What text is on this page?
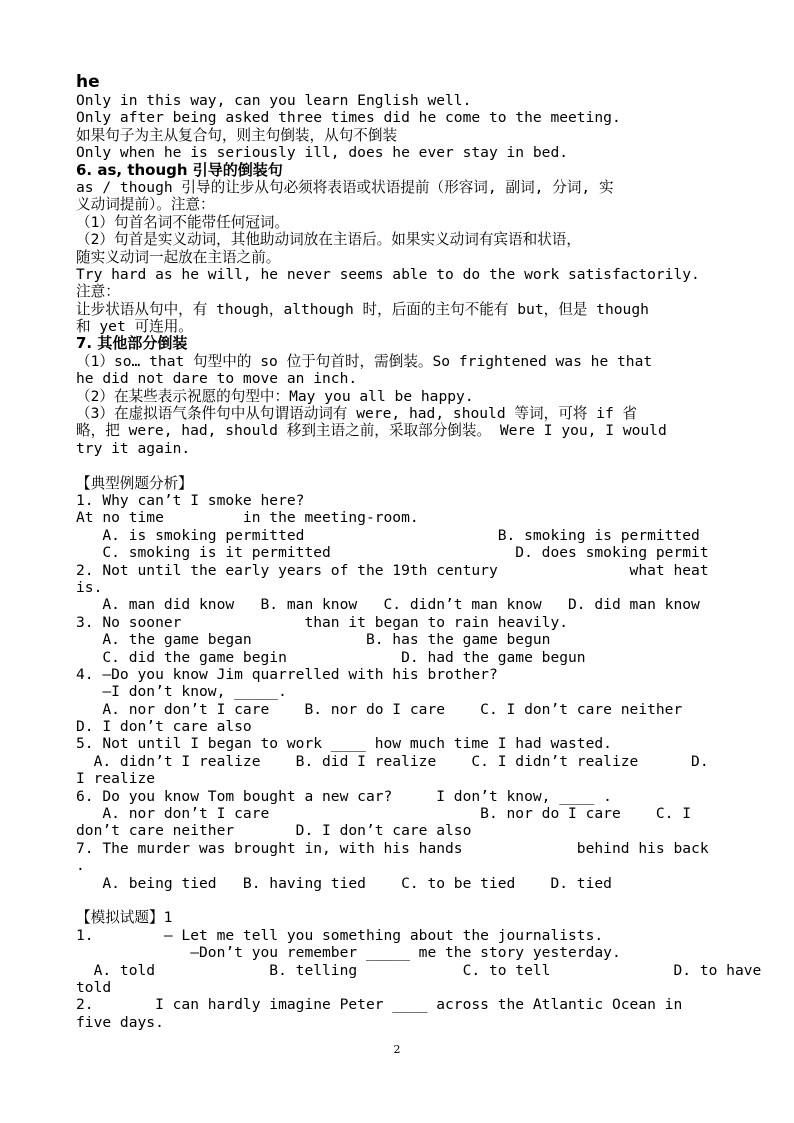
he
Only in this way, can you learn English well.
Only after being asked three times did he come to the meeting.
如果句子为主从复合句，则主句倒装，从句不倒装
Only when he is seriously ill, does he ever stay in bed.
6. as, though 引导的倒装句
as / though 引导的让步从句必须将表语或状语提前（形容词, 副词, 分词, 实
义动词提前）。注意：
（1）句首名词不能带任何冠词。
（2）句首是实义动词，其他助动词放在主语后。如果实义动词有宾语和状语，
随实义动词一起放在主语之前。
Try hard as he will, he never seems able to do the work satisfactorily.
注意：
让步状语从句中，有 though，although 时，后面的主句不能有 but，但是 though
和 yet 可连用。
7. 其他部分倒装
（1）so… that 句型中的 so 位于句首时，需倒装。So frightened was he that
he did not dare to move an inch.
（2）在某些表示祝愿的句型中：May you all be happy.
（3）在虚拟语气条件句中从句谓语动词有 were, had, should 等词，可将 if 省
略，把 were, had, should 移到主语之前，采取部分倒装。 Were I you, I would
try it again.
【典型例题分析】
1. Why can’t I smoke here?
At no time         in the meeting-room.
A. is smoking permitted                      B. smoking is permitted
C. smoking is it permitted                     D. does smoking permit
2. Not until the early years of the 19th century               what heat
is.
A. man did know   B. man know   C. didn’t man know   D. did man know
3. No sooner              than it began to rain heavily.
A. the game began             B. has the game begun
C. did the game begin             D. had the game begun
4. —Do you know Jim quarrelled with his brother?
—I don’t know, _____.
A. nor don’t I care    B. nor do I care    C. I don’t care neither
D. I don’t care also
5. Not until I began to work ____ how much time I had wasted.
A. didn’t I realize    B. did I realize    C. I didn’t realize      D.
I realize
6. Do you know Tom bought a new car?     I don’t know, ____ .
A. nor don’t I care                        B. nor do I care    C. I
don’t care neither       D. I don’t care also
7. The murder was brought in, with his hands             behind his back
.
A. being tied   B. having tied    C. to be tied    D. tied
【模拟试题】1
1.        — Let me tell you something about the journalists.
—Don’t you remember _____ me the story yesterday.
A. told             B. telling            C. to tell              D. to have
told
2.       I can hardly imagine Peter ____ across the Atlantic Ocean in
five days.
2
